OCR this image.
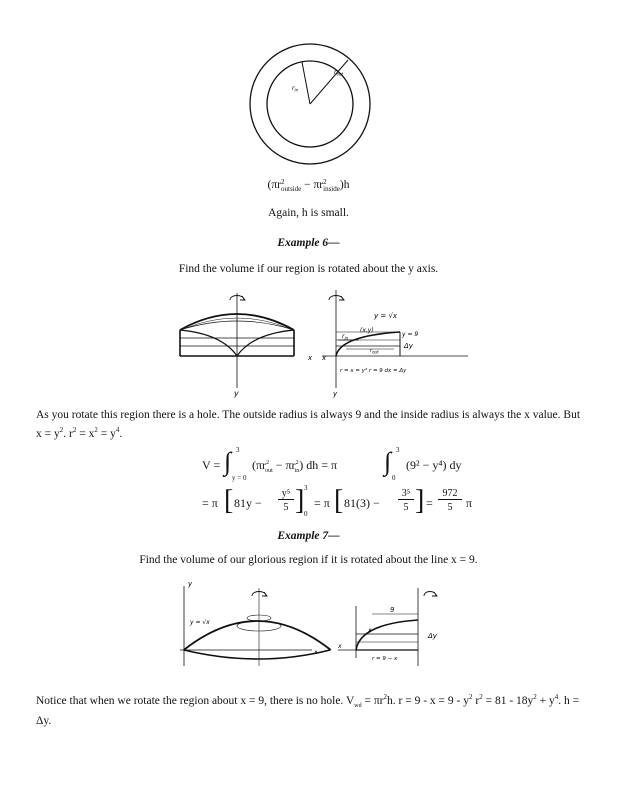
$r_{in}$
$r_{out}$
(πr2
outside − πr2
inside)h
Again, h is small.
Example 6—
Find the volume if our region is rotated about the y axis.
y
x
y = √x
(x,y)
$r_{in}$
$r_{out}$
y = 9
Δy
x
y
r = x = y² r = 9 dx = Δy
As you rotate this region there is a hole. The outside radius is always 9 and the inside radius is always the x value. But $x = y^2$. $r^2 = x^2 = y^4$.
V = ∫ 3
y = 0
$(\pi r^2_{out} - \pi r^2_{in})$ dh = π ∫ 3
0
(9² − y⁴) dy
= π [ 81y −
y⁵
5 ] 3
0
= π [ 81(3) −
3⁵
5 ] =
972
5	π
Example 7—
Find the volume of our glorious region if it is rotated about the line x = 9.
y
y = √x
x
9
x
Δy
x
r = 9 − x
Notice that when we rotate the region about x = 9, there is no hole. $V_{wd} = \pi r^2h$. $r = 9 - x = 9 - y^2$ $r^2 = 81 - 18y^2 + y^4$. h = Δy.
